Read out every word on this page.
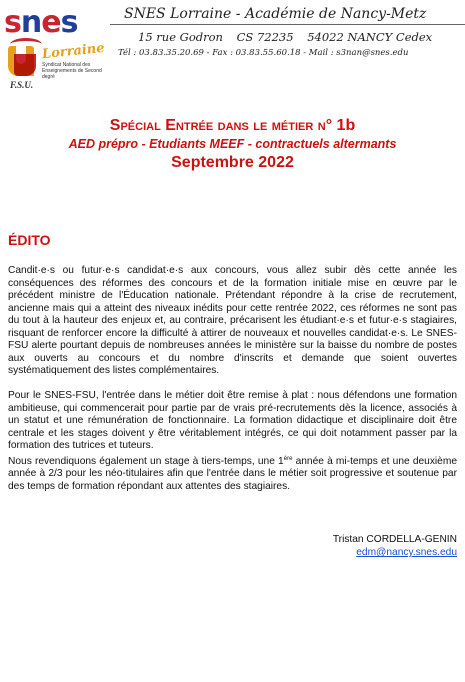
snes
Lorraine
Syndicat National des Enseignements de Second degré
F.S.U.
SNES Lorraine - Académie de Nancy-Metz
15 rue Godron CS 72235 54022 NANCY Cedex
Tél : 03.83.35.20.69 - Fax : 03.83.55.60.18 - Mail : s3nan@snes.edu
Spécial Entrée dans le métier n° 1b
AED prépro - Etudiants MEEF - contractuels altermants
Septembre 2022
ÉDITO

Candit·e·s ou futur·e·s candidat·e·s aux concours, vous allez subir dès cette année les conséquences des réformes des concours et de la formation initiale mise en œuvre par le précédent ministre de l'Éducation nationale. Prétendant répondre à la crise de recrutement, ancienne mais qui a atteint des niveaux inédits pour cette rentrée 2022, ces réformes ne sont pas du tout à la hauteur des enjeux et, au contraire, précarisent les étudiant·e·s et futur·e·s stagiaires, risquant de renforcer encore la difficulté à attirer de nouveaux et nouvelles candidat·e·s. Le SNES-FSU alerte pourtant depuis de nombreuses années le ministère sur la baisse du nombre de postes aux ouverts au concours et du nombre d'inscrits et demande que soient ouvertes systématiquement des listes complémentaires.

Pour le SNES-FSU, l'entrée dans le métier doit être remise à plat : nous défendons une formation ambitieuse, qui commencerait pour partie par de vrais pré-recrutements dès la licence, associés à un statut et une rémunération de fonctionnaire. La formation didactique et disciplinaire doit être centrale et les stages doivent y être véritablement intégrés, ce qui doit notamment passer par la formation des tutrices et tuteurs.

Nous revendiquons également un stage à tiers-temps, une 1ère année à mi-temps et une deuxième année à 2/3 pour les néo-titulaires afin que l'entrée dans le métier soit progressive et soutenue par des temps de formation répondant aux attentes des stagiaires.

Tristan CORDELLA-GENIN
edm@nancy.snes.edu
